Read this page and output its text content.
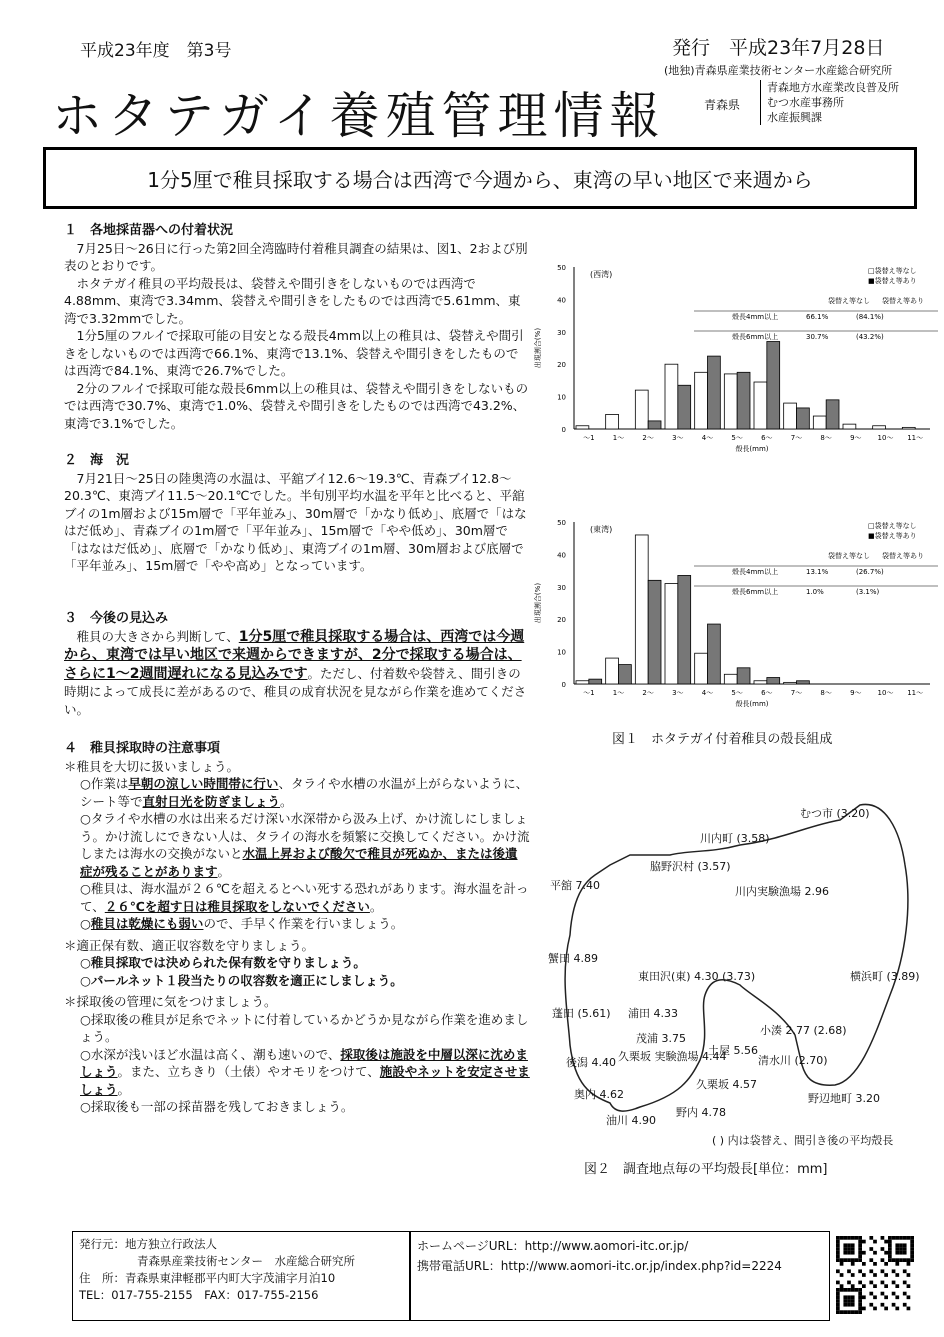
平成23年度　第3号	発行　平成23年7月28日
(地独)青森県産業技術センター水産総合研究所
ホタテガイ養殖管理情報	青森県
青森地方水産業改良普及所
むつ水産事務所
水産振興課
1分5厘で稚貝採取する場合は西湾で今週から、東湾の早い地区で来週から

１　各地採苗器への付着状況

7月25日～26日に行った第2回全湾臨時付着稚貝調査の結果は、図1、2および別表のとおりです。

ホタテガイ稚貝の平均殻長は、袋替えや間引きをしないものでは西湾で4.88mm、東湾で3.34mm、袋替えや間引きをしたものでは西湾で5.61mm、東湾で3.32mmでした。

1分5厘のフルイで採取可能の目安となる殻長4mm以上の稚貝は、袋替えや間引きをしないものでは西湾で66.1%、東湾で13.1%、袋替えや間引きをしたものでは西湾で84.1%、東湾で26.7%でした。

2分のフルイで採取可能な殻長6mm以上の稚貝は、袋替えや間引きをしないものでは西湾で30.7%、東湾で1.0%、袋替えや間引きをしたものでは西湾で43.2%、東湾で3.1%でした。

２　海　況

7月21日～25日の陸奥湾の水温は、平舘ブイ12.6～19.3℃、青森ブイ12.8～20.3℃、東湾ブイ11.5～20.1℃でした。半旬別平均水温を平年と比べると、平舘ブイの1m層および15m層で「平年並み」、30m層で「かなり低め」、底層で「はなはだ低め」、青森ブイの1m層で「平年並み」、15m層で「やや低め」、30m層で「はなはだ低め」、底層で「かなり低め」、東湾ブイの1m層、30m層および底層で「平年並み」、15m層で「やや高め」となっています。

３　今後の見込み

稚貝の大きさから判断して、1分5厘で稚貝採取する場合は、西湾では今週から、東湾では早い地区で来週からできますが、2分で採取する場合は、さらに1～2週間遅れになる見込みです。ただし、付着数や袋替え、間引きの時期によって成長に差があるので、稚貝の成育状況を見ながら作業を進めてください。

４　稚貝採取時の注意事項

＊稚貝を大切に扱いましょう。

○作業は早朝の涼しい時間帯に行い、タライや水槽の水温が上がらないように、シート等で直射日光を防ぎましょう。

○タライや水槽の水は出来るだけ深い水深帯から汲み上げ、かけ流しにしましょう。かけ流しにできない人は、タライの海水を頻繁に交換してください。かけ流しまたは海水の交換がないと水温上昇および酸欠で稚貝が死ぬか、または後遺症が残ることがあります。

○稚貝は、海水温が２６℃を超えるとへい死する恐れがあります。海水温を計って、２６℃を超す日は稚貝採取をしないでください。

○稚貝は乾燥にも弱いので、手早く作業を行いましょう。

＊適正保有数、適正収容数を守りましょう。

○稚貝採取では決められた保有数を守りましょう。

○パールネット１段当たりの収容数を適正にしましょう。

＊採取後の管理に気をつけましょう。

○採取後の稚貝が足糸でネットに付着しているかどうか見ながら作業を進めましょう。

○水深が浅いほど水温は高く、潮も速いので、採取後は施設を中層以深に沈めましょう。また、立ちきり（土俵）やオモリをつけて、施設やネットを安定させましょう。

○採取後も一部の採苗器を残しておきましょう。

0
10
20
30
40
50
～1	1～	2～	3～	4～	5～	6～	7～	8～	9～ 10～ 11～
殻長(mm)
出現割合(%)
(西湾)	□袋替え等なし
■袋替え等あり
袋替え等なし 袋替え等あり
殻長4mm以上	66.1%	(84.1%)
殻長6mm以上	30.7%	(43.2%)
0
10
20
30
40
50
～1	1～	2～	3～	4～	5～	6～	7～	8～	9～ 10～ 11～
殻長(mm)
出現割合(%)
(東湾)	□袋替え等なし
■袋替え等あり
袋替え等なし 袋替え等あり
殻長4mm以上	13.1%	(26.7%)
殻長6mm以上	1.0%	(3.1%)
図１　ホタテガイ付着稚貝の殻長組成
むつ市 (3.20)
川内町 (3.58)
脇野沢村 (3.57)
川内実験漁場 2.96
平舘 7.40
蟹田 4.89
東田沢(東) 4.30 (3.73)	横浜町 (3.89)
蓬田 (5.61) 浦田 4.33
茂浦 3.75
小湊 2.77 (2.68)
土屋 5.56
久栗坂 実験漁場 4.44	清水川 (2.70)
後潟 4.40
奥内 4.62
久栗坂 4.57
油川 4.90
野内 4.78
野辺地町 3.20
( ) 内は袋替え、間引き後の平均殻長
図２　調査地点毎の平均殻長[単位：mm]
発行元：地方独立行政法人
青森県産業技術センター　水産総合研究所
住　所：青森県東津軽郡平内町大字茂浦字月泊10
TEL：017-755-2155　FAX：017-755-2156
ホームページURL：http://www.aomori-itc.or.jp/
携帯電話URL：http://www.aomori-itc.or.jp/index.php?id=2224
